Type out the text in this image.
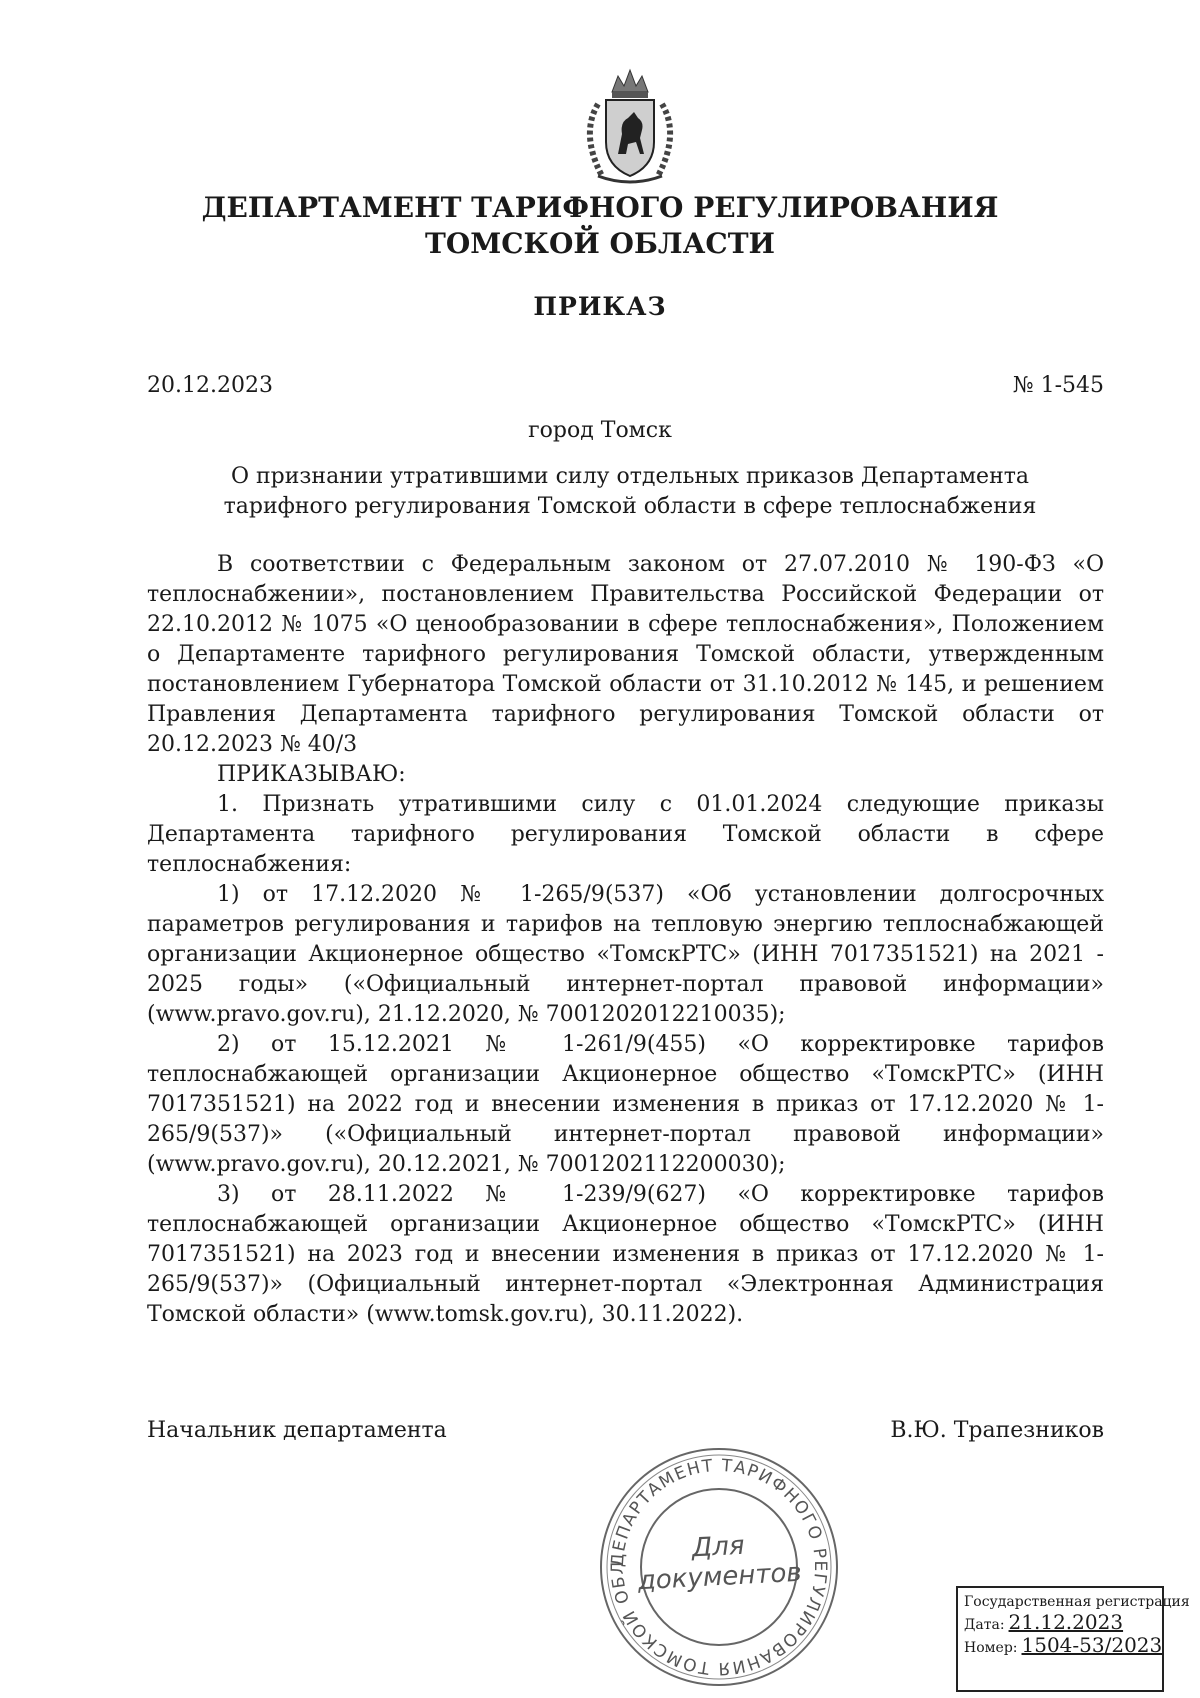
ДЕПАРТАМЕНТ ТАРИФНОГО РЕГУЛИРОВАНИЯ
ТОМСКОЙ ОБЛАСТИ
ПРИКАЗ
20.12.2023	№ 1-545
город Томск
О признании утратившими силу отдельных приказов Департамента тарифного регулирования Томской области в сфере теплоснабжения

В соответствии с Федеральным законом от 27.07.2010 № 190-ФЗ «О теплоснабжении», постановлением Правительства Российской Федерации от 22.10.2012 № 1075 «О ценообразовании в сфере теплоснабжения», Положением о Департаменте тарифного регулирования Томской области, утвержденным постановлением Губернатора Томской области от 31.10.2012 № 145, и решением Правления Департамента тарифного регулирования Томской области от 20.12.2023 № 40/3

ПРИКАЗЫВАЮ:

1. Признать утратившими силу с 01.01.2024 следующие приказы Департамента тарифного регулирования Томской области в сфере теплоснабжения:

1) от 17.12.2020 № 1-265/9(537) «Об установлении долгосрочных параметров регулирования и тарифов на тепловую энергию теплоснабжающей организации Акционерное общество «ТомскРТС» (ИНН 7017351521) на 2021 - 2025 годы» («Официальный интернет-портал правовой информации» (www.pravo.gov.ru), 21.12.2020, № 7001202012210035);

2) от 15.12.2021 № 1-261/9(455) «О корректировке тарифов теплоснабжающей организации Акционерное общество «ТомскРТС» (ИНН 7017351521) на 2022 год и внесении изменения в приказ от 17.12.2020 № 1-265/9(537)» («Официальный интернет-портал правовой информации» (www.pravo.gov.ru), 20.12.2021, № 7001202112200030);

3) от 28.11.2022 № 1-239/9(627) «О корректировке тарифов теплоснабжающей организации Акционерное общество «ТомскРТС» (ИНН 7017351521) на 2023 год и внесении изменения в приказ от 17.12.2020 № 1-265/9(537)» (Официальный интернет-портал «Электронная Администрация Томской области» (www.tomsk.gov.ru), 30.11.2022).

Начальник департамента	В.Ю. Трапезников
ДЕПАРТАМЕНТ ТАРИФНОГО РЕГУЛИРОВАНИЯ ТОМСКОЙ ОБЛ
Для
документов
Государственная регистрация
Дата: 21.12.2023
Номер: 1504-53/2023
